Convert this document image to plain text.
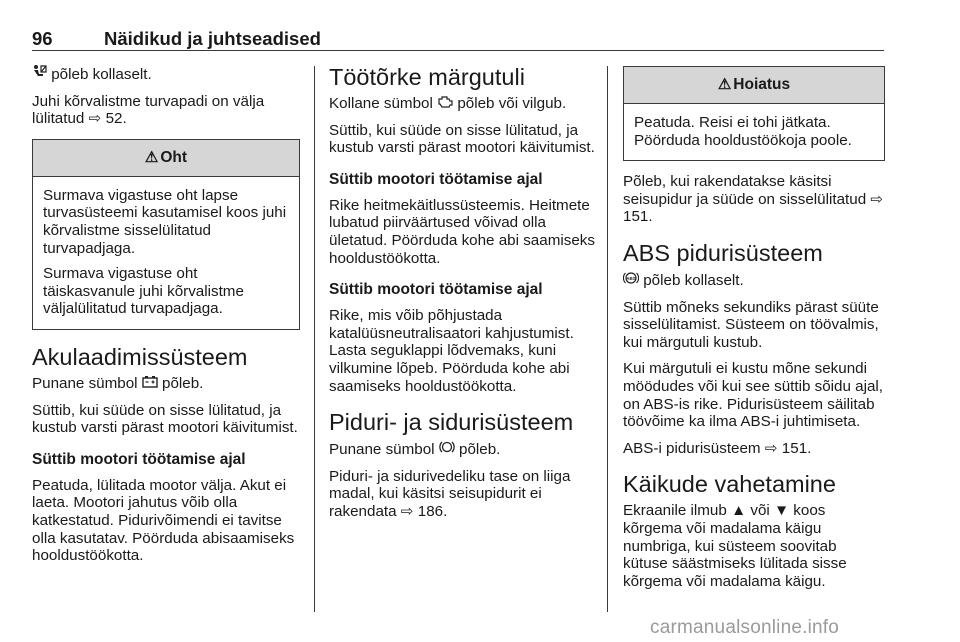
96	Näidikud ja juhtseadised

põleb kollaselt.

Juhi kõrvalistme turvapadi on välja lülitatud ⇨ 52.

⚠ Oht

Surmava vigastuse oht lapse turvasüsteemi kasutamisel koos juhi kõrvalistme sisselülitatud turvapadjaga.

Surmava vigastuse oht täiskasvanule juhi kõrvalistme väljalülitatud turvapadjaga.

Akulaadimissüsteem

Punane sümbol põleb.

Süttib, kui süüde on sisse lülitatud, ja kustub varsti pärast mootori käivitumist.

Süttib mootori töötamise ajal

Peatuda, lülitada mootor välja. Akut ei laeta. Mootori jahutus võib olla katkestatud. Pidurivõimendi ei tavitse olla kasutatav. Pöörduda abisaamiseks hooldustöökotta.

Töötõrke märgutuli

Kollane sümbol põleb või vilgub.

Süttib, kui süüde on sisse lülitatud, ja kustub varsti pärast mootori käivitumist.

Süttib mootori töötamise ajal

Rike heitmekäitlussüsteemis. Heitmete lubatud piirväärtused võivad olla ületatud. Pöörduda kohe abi saamiseks hooldustöökotta.

Süttib mootori töötamise ajal

Rike, mis võib põhjustada katalüüsneutralisaatori kahjustumist. Lasta seguklappi lõdvemaks, kuni vilkumine lõpeb. Pöörduda kohe abi saamiseks hooldustöökotta.

Piduri- ja sidurisüsteem

Punane sümbol põleb.

Piduri- ja sidurivedeliku tase on liiga madal, kui käsitsi seisupidurit ei rakendata ⇨ 186.

⚠ Hoiatus

Peatuda. Reisi ei tohi jätkata. Pöörduda hooldustöökoja poole.

Põleb, kui rakendatakse käsitsi seisupidur ja süüde on sisselülitatud ⇨ 151.

ABS pidurisüsteem

ABS põleb kollaselt.

Süttib mõneks sekundiks pärast süüte sisselülitamist. Süsteem on töövalmis, kui märgutuli kustub.

Kui märgutuli ei kustu mõne sekundi möödudes või kui see süttib sõidu ajal, on ABS-is rike. Pidurisüsteem säilitab töövõime ka ilma ABS-i juhtimiseta.

ABS-i pidurisüsteem ⇨ 151.

Käikude vahetamine

Ekraanile ilmub ▲ või ▼ koos kõrgema või madalama käigu numbriga, kui süsteem soovitab kütuse säästmiseks lülitada sisse kõrgema või madalama käigu.

carmanualsonline.info
